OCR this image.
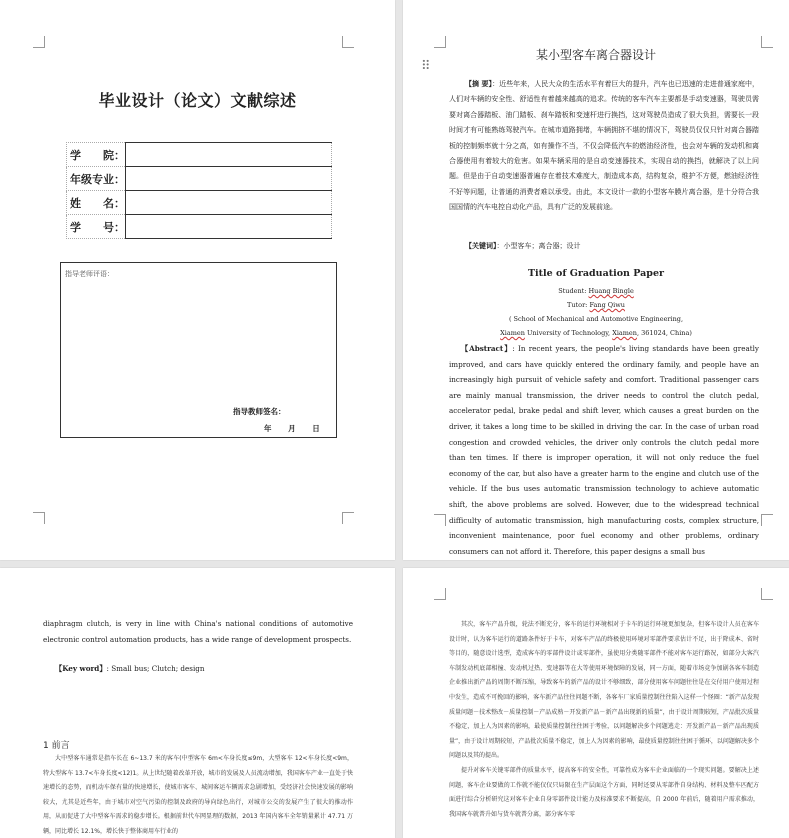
毕业设计（论文）文献综述
学　　院：	
年级专业：	
姓　　名：	
学　　号：	
指导老师评语：
指导教师签名：
年 月 日
⠿
某小型客车离合器设计
【摘 要】：近些年来，人民大众的生活水平有着巨大的提升，汽车也已迅速的走进普通家庭中，人们对车辆的安全性、舒适性有着越来越高的追求。传统的客车汽车主要都是手动变速器，驾驶员需要对离合器踏板、油门踏板、刹车踏板和变速杆进行换挡，这对驾驶员造成了很大负担，需要长一段时间才有可能熟练驾驶汽车。在城市道路拥堵，车辆拥挤不堪的情况下，驾驶员仅仅只针对离合器踏板的控制频率就十分之高，如有操作不当，不仅会降低汽车的燃油经济性，也会对车辆的发动机和离合器使用有着较大的危害。如果车辆采用的是自动变速器技术，实现自动的换挡，就解决了以上问题。但是由于自动变速器普遍存在着技术难度大，制造成本高，结构复杂，维护不方便，燃油经济性不好等问题，让普通的消费者难以承受。由此，本文设计一款的小型客车膜片离合器，是十分符合我国国情的汽车电控自动化产品，具有广泛的发展前途。
【关键词】：小型客车；离合器；设计
Title of Graduation Paper
Student: Huang Bingle
Tutor: Fang Qiwu
( School of Mechanical and Automotive Engineering,
Xiamen University of Technology, Xiamen, 361024, China)
【Abstract】: In recent years, the people's living standards have been greatly improved, and cars have quickly entered the ordinary family, and people have an increasingly high pursuit of vehicle safety and comfort. Traditional passenger cars are mainly manual transmission, the driver needs to control the clutch pedal, accelerator pedal, brake pedal and shift lever, which causes a great burden on the driver, it takes a long time to be skilled in driving the car. In the case of urban road congestion and crowded vehicles, the driver only controls the clutch pedal more than ten times. If there is improper operation, it will not only reduce the fuel economy of the car, but also have a greater harm to the engine and clutch use of the vehicle. If the bus uses automatic transmission technology to achieve automatic shift, the above problems are solved. However, due to the widespread technical difficulty of automatic transmission, high manufacturing costs, complex structure, inconvenient maintenance, poor fuel economy and other problems, ordinary consumers can not afford it. Therefore, this paper designs a small bus
diaphragm clutch, is very in line with China's national conditions of automotive electronic control automation products, has a wide range of development prospects.
【Key word】: Small bus; Clutch; design
1 前言
大中型客车通常是指车长在 6~13.7 米的客车(中型客车 6m<车身长度≤9m，大型客车 12<车身长度<9m，特大型客车 13.7<车身长度<12)1。从上世纪随着改革开放，城市的发展及人员流动增加，我国客车产业一直处于快速增长的态势，而机动车保有量的快速增长，使城市客车、城间客运车辆需求急剧增加，受经济社会快速发展的影响较大，尤其是近些年，由于城市对空气污染的控制及政府的导向绿色出行，对城市公交的发展产生了很大的推动作用，从而促进了大中型客车需求的稳步增长。根据前世代车网显理的数据，2013 年国内客车全年销量累计 47.71 万辆，同比增长 12.1%，增长快于整体商用车行业的

其次，客车产品升级，轮法不断充分，客车的运行环境相对于卡车的运行环境更加复杂，但客车设计人员在客车设计时，认为客车运行的道路条件好于卡车，对客车产品的终极使用环境对零部件要求估计不足，出于降成本、省时等目的，随意设计选型，造成客车的零部件设计或零部件，虽使用分类随零部件不能对客车运行路况，如部分大客汽车制发动机底部相撞、发动机过热、变速器等在大等使用环境保障的发展，同一方面，随着市场竞争加剧各客车制造企业推出新产品的周期不断压缩，导致客车的新产品的设计不够细致，部分使用客车问题往往是在交付用户使用过程中发生，造成不可挽回的影响，客车新产品往往问题不断，各客车厂家质量控制往往陷入这样一个怪圈：“新产品发现质量问题－技术整改－质量控制－产品成熟－开发新产品－新产品出现新的质量”，由于设计周期较短，产品批次质量不稳定，加上人为因素的影响，最使质量控制往往困于考验，以问题解决多个问题逃走：开发新产品－新产品出现质量”，由于设计周期较短，产品批次质量不稳定，加上人为因素的影响，最使质量控制往往困于循环，以问题解决多个问题以及其的提出。

提升对客车关键零部件的质量水平，提高客车的安全性，可靠性成为客车企业面临的一个现实问题。要解决上述问题，客车企业要做的工作就不能仅仅只局限在生产层面这个方面，同时还要从零部件自身结构、材料及整车匹配方面进行综合分析研究这对客车企业自身零部件设计能力及标准要求不断提高，自 2000 年前后，随着用户需求推动，我国客车就普升如与货车就普分离，部分客车零
